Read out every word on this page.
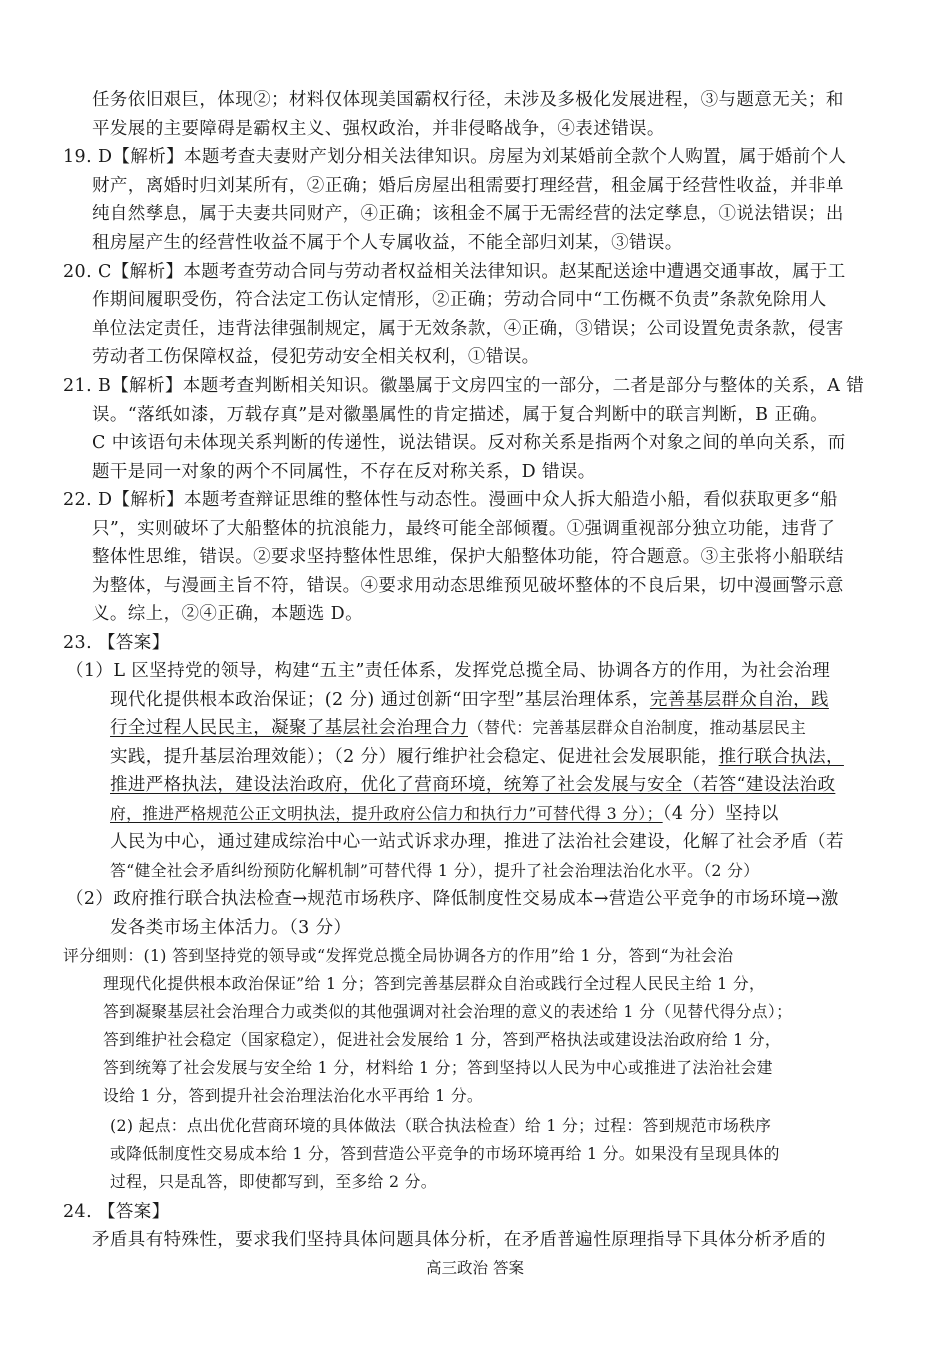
任务依旧艰巨，体现②；材料仅体现美国霸权行径，未涉及多极化发展进程，③与题意无关；和
平发展的主要障碍是霸权主义、强权政治，并非侵略战争，④表述错误。
19. D【解析】本题考查夫妻财产划分相关法律知识。房屋为刘某婚前全款个人购置，属于婚前个人
财产，离婚时归刘某所有，②正确；婚后房屋出租需要打理经营，租金属于经营性收益，并非单
纯自然孳息，属于夫妻共同财产，④正确；该租金不属于无需经营的法定孳息，①说法错误；出
租房屋产生的经营性收益不属于个人专属收益，不能全部归刘某，③错误。
20. C【解析】本题考查劳动合同与劳动者权益相关法律知识。赵某配送途中遭遇交通事故，属于工
作期间履职受伤，符合法定工伤认定情形，②正确；劳动合同中“工伤概不负责”条款免除用人
单位法定责任，违背法律强制规定，属于无效条款，④正确，③错误；公司设置免责条款，侵害
劳动者工伤保障权益，侵犯劳动安全相关权利，①错误。
21. B【解析】本题考查判断相关知识。徽墨属于文房四宝的一部分，二者是部分与整体的关系，A 错
误。“落纸如漆，万载存真”是对徽墨属性的肯定描述，属于复合判断中的联言判断，B 正确。
C 中该语句未体现关系判断的传递性，说法错误。反对称关系是指两个对象之间的单向关系，而
题干是同一对象的两个不同属性，不存在反对称关系，D 错误。
22. D【解析】本题考查辩证思维的整体性与动态性。漫画中众人拆大船造小船，看似获取更多“船
只”，实则破坏了大船整体的抗浪能力，最终可能全部倾覆。①强调重视部分独立功能，违背了
整体性思维，错误。②要求坚持整体性思维，保护大船整体功能，符合题意。③主张将小船联结
为整体，与漫画主旨不符，错误。④要求用动态思维预见破坏整体的不良后果，切中漫画警示意
义。综上，②④正确，本题选 D。
23. 【答案】
（1）L 区坚持党的领导，构建“五主”责任体系，发挥党总揽全局、协调各方的作用，为社会治理
现代化提供根本政治保证；(2 分) 通过创新“田字型”基层治理体系，完善基层群众自治，践
行全过程人民民主，凝聚了基层社会治理合力（替代：完善基层群众自治制度，推动基层民主
实践，提升基层治理效能）；（2 分）履行维护社会稳定、促进社会发展职能，推行联合执法，
推进严格执法，建设法治政府，优化了营商环境，统筹了社会发展与安全（若答“建设法治政
府，推进严格规范公正文明执法，提升政府公信力和执行力”可替代得 3 分）；（4 分）坚持以
人民为中心，通过建成综治中心一站式诉求办理，推进了法治社会建设，化解了社会矛盾（若
答“健全社会矛盾纠纷预防化解机制”可替代得 1 分），提升了社会治理法治化水平。（2 分）
（2）政府推行联合执法检查→规范市场秩序、降低制度性交易成本→营造公平竞争的市场环境→激
发各类市场主体活力。（3 分）
评分细则：(1) 答到坚持党的领导或“发挥党总揽全局协调各方的作用”给 1 分，答到“为社会治
理现代化提供根本政治保证”给 1 分；答到完善基层群众自治或践行全过程人民民主给 1 分，
答到凝聚基层社会治理合力或类似的其他强调对社会治理的意义的表述给 1 分（见替代得分点）；
答到维护社会稳定（国家稳定），促进社会发展给 1 分，答到严格执法或建设法治政府给 1 分，
答到统筹了社会发展与安全给 1 分，材料给 1 分；答到坚持以人民为中心或推进了法治社会建
设给 1 分，答到提升社会治理法治化水平再给 1 分。
(2) 起点：点出优化营商环境的具体做法（联合执法检查）给 1 分；过程：答到规范市场秩序
或降低制度性交易成本给 1 分，答到营造公平竞争的市场环境再给 1 分。如果没有呈现具体的
过程，只是乱答，即使都写到，至多给 2 分。
24. 【答案】
矛盾具有特殊性，要求我们坚持具体问题具体分析，在矛盾普遍性原理指导下具体分析矛盾的
高三政治 答案
